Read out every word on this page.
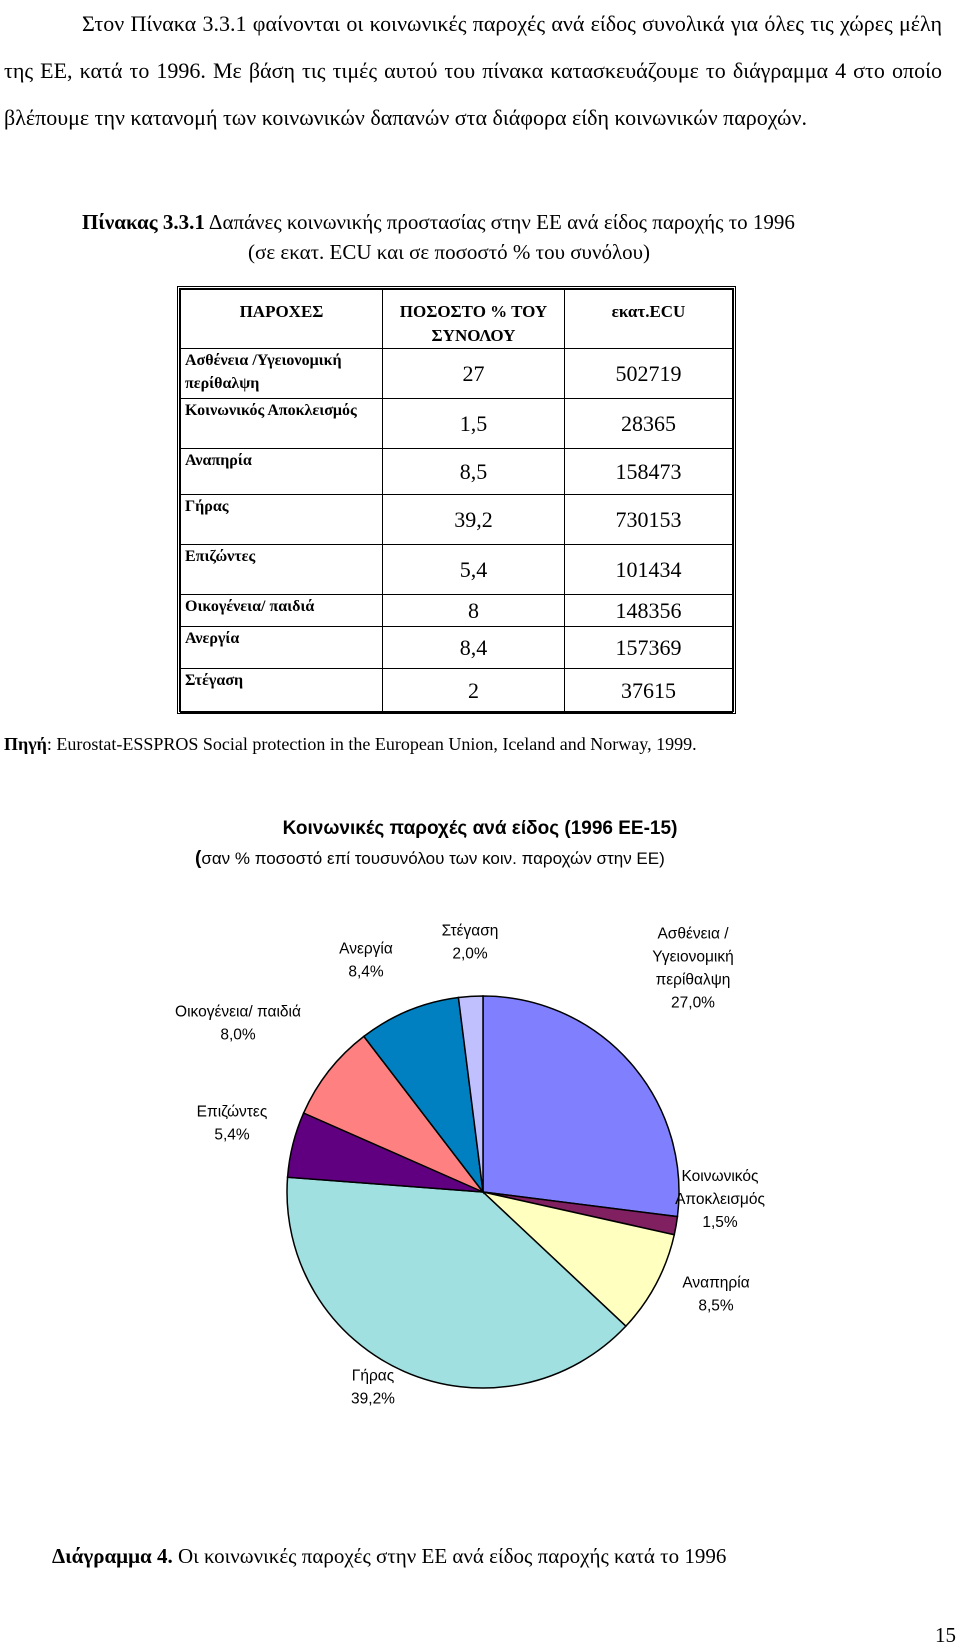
Στον Πίνακα 3.3.1 φαίνονται οι κοινωνικές παροχές ανά είδος συνολικά για όλες τις χώρες μέλη της ΕΕ, κατά το 1996. Με βάση τις τιμές αυτού του πίνακα κατασκευάζουμε το διάγραμμα 4 στο οποίο βλέπουμε την κατανομή των κοινωνικών δαπανών στα διάφορα είδη κοινωνικών παροχών.

Πίνακας 3.3.1 Δαπάνες κοινωνικής προστασίας στην ΕΕ ανά είδος παροχής το 1996
(σε εκατ. ECU και σε ποσοστό % του συνόλου)
ΠΑΡΟΧΕΣ	ΠΟΣΟΣΤΟ % ΤΟΥ ΣΥΝΟΛΟΥ	εκατ.ECU
Ασθένεια /Υγειονομική περίθαλψη	27	502719
Κοινωνικός Αποκλεισμός	1,5	28365
Αναπηρία	8,5	158473
Γήρας	39,2	730153
Επιζώντες	5,4	101434
Οικογένεια/ παιδιά	8	148356
Ανεργία	8,4	157369
Στέγαση	2	37615
Πηγή: Eurostat-ESSPROS Social protection in the European Union, Iceland and Norway, 1999.
Κοινωνικές παροχές ανά είδος (1996 ΕΕ-15)
(σαν % ποσοστό επί τουσυνόλου των κοιν. παροχών στην ΕΕ)
Ασθένεια / Υγειονομική περίθαλψη 27,0%
Κοινωνικός Αποκλεισμός 1,5%
Αναπηρία 8,5%
Γήρας 39,2%
Επιζώντες 5,4%
Οικογένεια/ παιδιά 8,0%
Ανεργία 8,4%
Στέγαση 2,0%
Διάγραμμα 4. Οι κοινωνικές παροχές στην ΕΕ ανά είδος παροχής κατά το 1996
15
